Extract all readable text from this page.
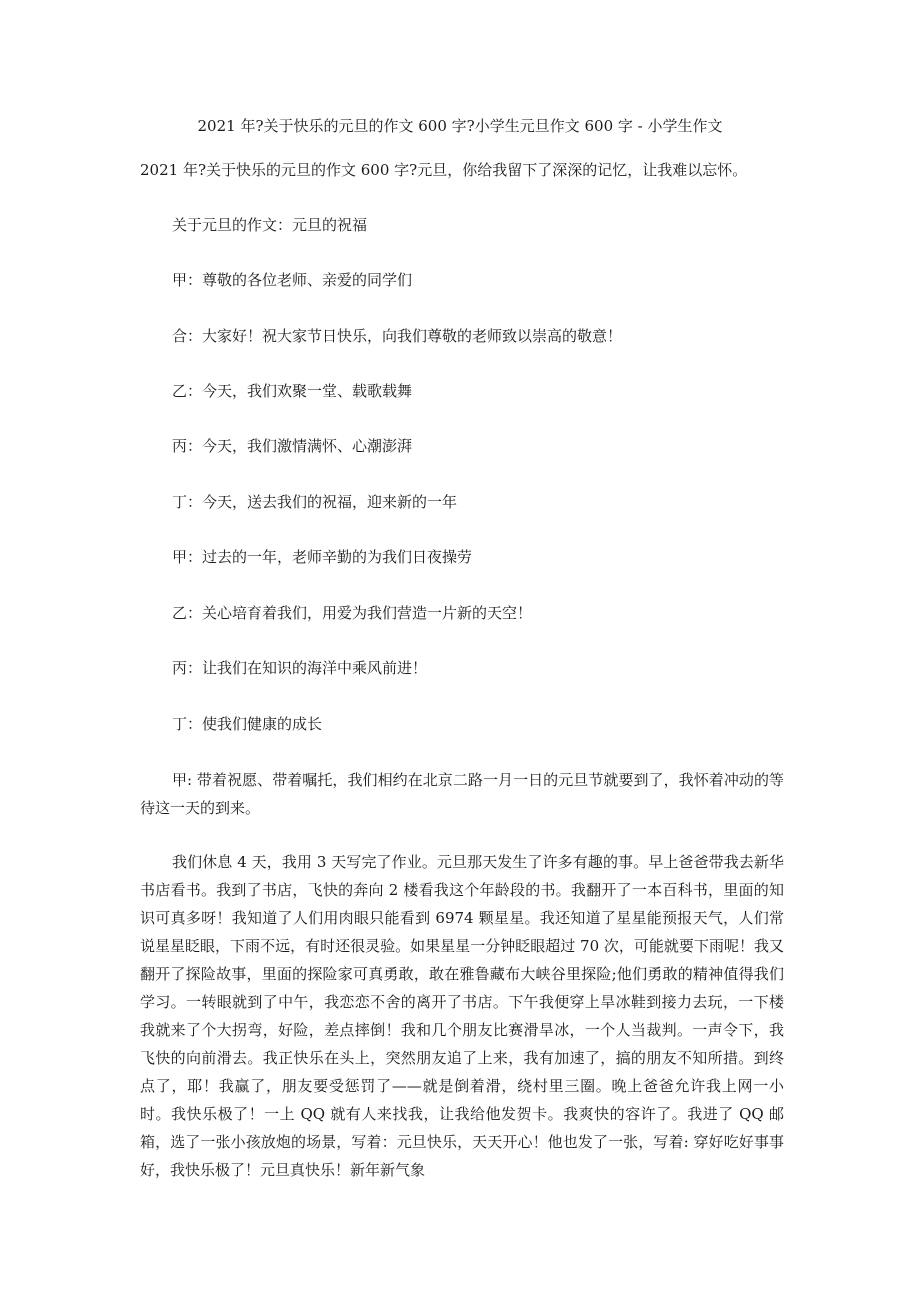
2021 年?关于快乐的元旦的作文 600 字?小学生元旦作文 600 字 - 小学生作文
2021 年?关于快乐的元旦的作文 600 字?元旦，你给我留下了深深的记忆，让我难以忘怀。
关于元旦的作文：元旦的祝福
甲：尊敬的各位老师、亲爱的同学们
合：大家好！祝大家节日快乐，向我们尊敬的老师致以崇高的敬意！
乙：今天，我们欢聚一堂、载歌载舞
丙：今天，我们激情满怀、心潮澎湃
丁：今天，送去我们的祝福，迎来新的一年
甲：过去的一年，老师辛勤的为我们日夜操劳
乙：关心培育着我们，用爱为我们营造一片新的天空！
丙：让我们在知识的海洋中乘风前进！
丁：使我们健康的成长

甲: 带着祝愿、带着嘱托，我们相约在北京二路一月一日的元旦节就要到了，我怀着冲动的等待这一天的到来。

我们休息 4 天，我用 3 天写完了作业。元旦那天发生了许多有趣的事。早上爸爸带我去新华书店看书。我到了书店，飞快的奔向 2 楼看我这个年龄段的书。我翻开了一本百科书，里面的知识可真多呀！我知道了人们用肉眼只能看到 6974 颗星星。我还知道了星星能预报天气，人们常说星星眨眼，下雨不远，有时还很灵验。如果星星一分钟眨眼超过 70 次，可能就要下雨呢！我又翻开了探险故事，里面的探险家可真勇敢，敢在雅鲁藏布大峡谷里探险;他们勇敢的精神值得我们学习。一转眼就到了中午，我恋恋不舍的离开了书店。下午我便穿上旱冰鞋到接力去玩，一下楼我就来了个大拐弯，好险，差点摔倒！我和几个朋友比赛滑旱冰，一个人当裁判。一声令下，我飞快的向前滑去。我正快乐在头上，突然朋友追了上来，我有加速了，搞的朋友不知所措。到终点了，耶！我赢了，朋友要受惩罚了——就是倒着滑，绕村里三圈。晚上爸爸允许我上网一小时。我快乐极了！一上 QQ 就有人来找我，让我给他发贺卡。我爽快的容许了。我进了 QQ 邮箱，选了一张小孩放炮的场景，写着：元旦快乐，天天开心！他也发了一张，写着: 穿好吃好事事好，我快乐极了！元旦真快乐！新年新气象
